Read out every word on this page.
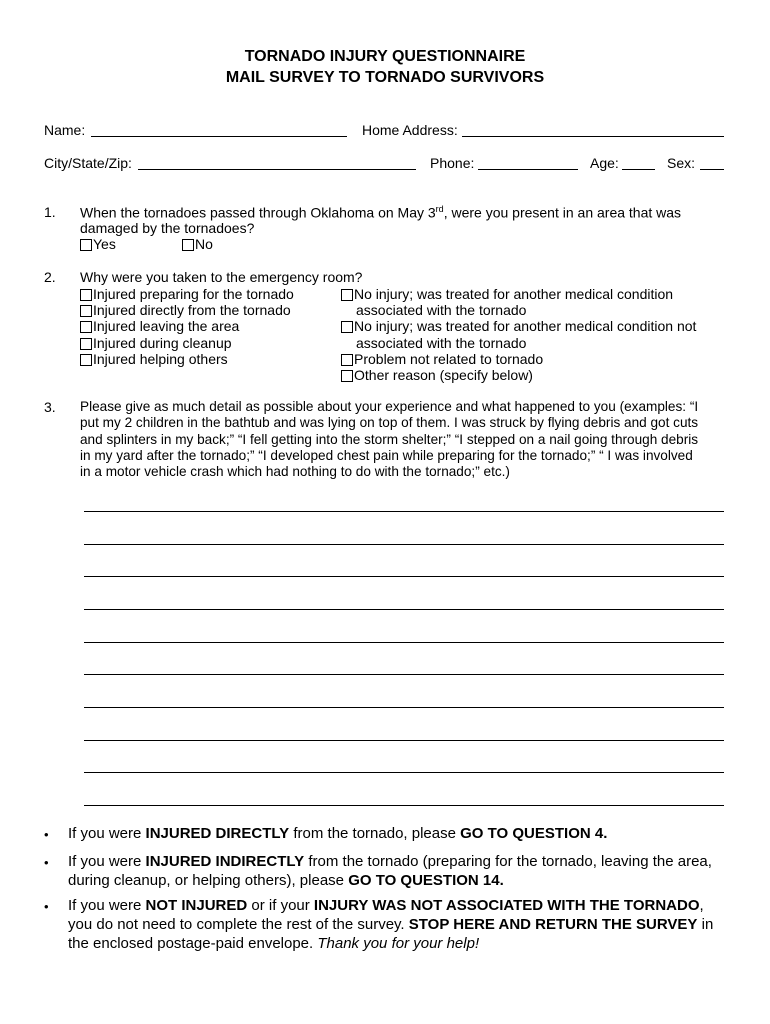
TORNADO INJURY QUESTIONNAIRE
MAIL SURVEY TO TORNADO SURVIVORS
Name:	Home Address:
City/State/Zip:	Phone:	Age:	Sex:
1. When the tornadoes passed through Oklahoma on May 3rd, were you present in an area that was
damaged by the tornadoes?
Yes	No
2. Why were you taken to the emergency room?
Injured preparing for the tornado
Injured directly from the tornado
Injured leaving the area
Injured during cleanup
Injured helping others
No injury; was treated for another medical condition
associated with the tornado
No injury; was treated for another medical condition not
associated with the tornado
Problem not related to tornado
Other reason (specify below)
3. Please give as much detail as possible about your experience and what happened to you (examples: “I
put my 2 children in the bathtub and was lying on top of them. I was struck by flying debris and got cuts
and splinters in my back;” “I fell getting into the storm shelter;” “I stepped on a nail going through debris
in my yard after the tornado;” “I developed chest pain while preparing for the tornado;” “ I was involved
in a motor vehicle crash which had nothing to do with the tornado;” etc.)
• If you were INJURED DIRECTLY from the tornado, please GO TO QUESTION 4.
• If you were INJURED INDIRECTLY from the tornado (preparing for the tornado, leaving the area, during cleanup, or helping others), please GO TO QUESTION 14.
• If you were NOT INJURED or if your INJURY WAS NOT ASSOCIATED WITH THE TORNADO, you do not need to complete the rest of the survey. STOP HERE AND RETURN THE SURVEY in the enclosed postage-paid envelope. Thank you for your help!
